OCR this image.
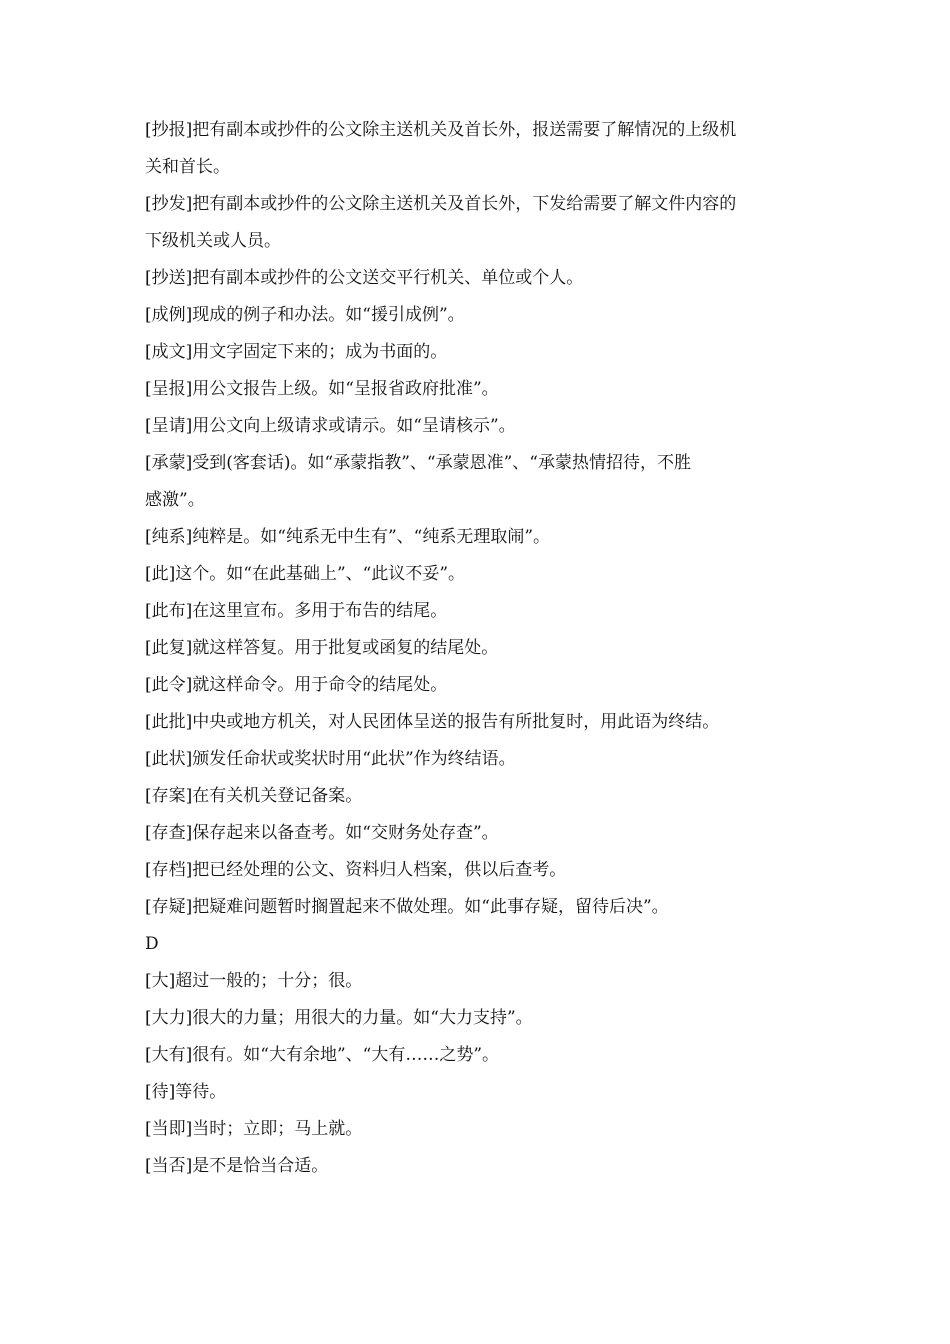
[抄报]把有副本或抄件的公文除主送机关及首长外，报送需要了解情况的上级机
关和首长。
[抄发]把有副本或抄件的公文除主送机关及首长外，下发给需要了解文件内容的
下级机关或人员。
[抄送]把有副本或抄件的公文送交平行机关、单位或个人。
[成例]现成的例子和办法。如“援引成例”。
[成文]用文字固定下来的；成为书面的。
[呈报]用公文报告上级。如“呈报省政府批准”。
[呈请]用公文向上级请求或请示。如“呈请核示”。
[承蒙]受到(客套话)。如“承蒙指教”、“承蒙恩准”、“承蒙热情招待，不胜
感激”。
[纯系]纯粹是。如“纯系无中生有”、“纯系无理取闹”。
[此]这个。如“在此基础上”、“此议不妥”。
[此布]在这里宣布。多用于布告的结尾。
[此复]就这样答复。用于批复或函复的结尾处。
[此令]就这样命令。用于命令的结尾处。
[此批]中央或地方机关，对人民团体呈送的报告有所批复时，用此语为终结。
[此状]颁发任命状或奖状时用“此状”作为终结语。
[存案]在有关机关登记备案。
[存查]保存起来以备查考。如“交财务处存查”。
[存档]把已经处理的公文、资料归人档案，供以后查考。
[存疑]把疑难问题暂时搁置起来不做处理。如“此事存疑，留待后决”。
D
[大]超过一般的；十分；很。
[大力]很大的力量；用很大的力量。如“大力支持”。
[大有]很有。如“大有余地”、“大有……之势”。
[待]等待。
[当即]当时；立即；马上就。
[当否]是不是恰当合适。
